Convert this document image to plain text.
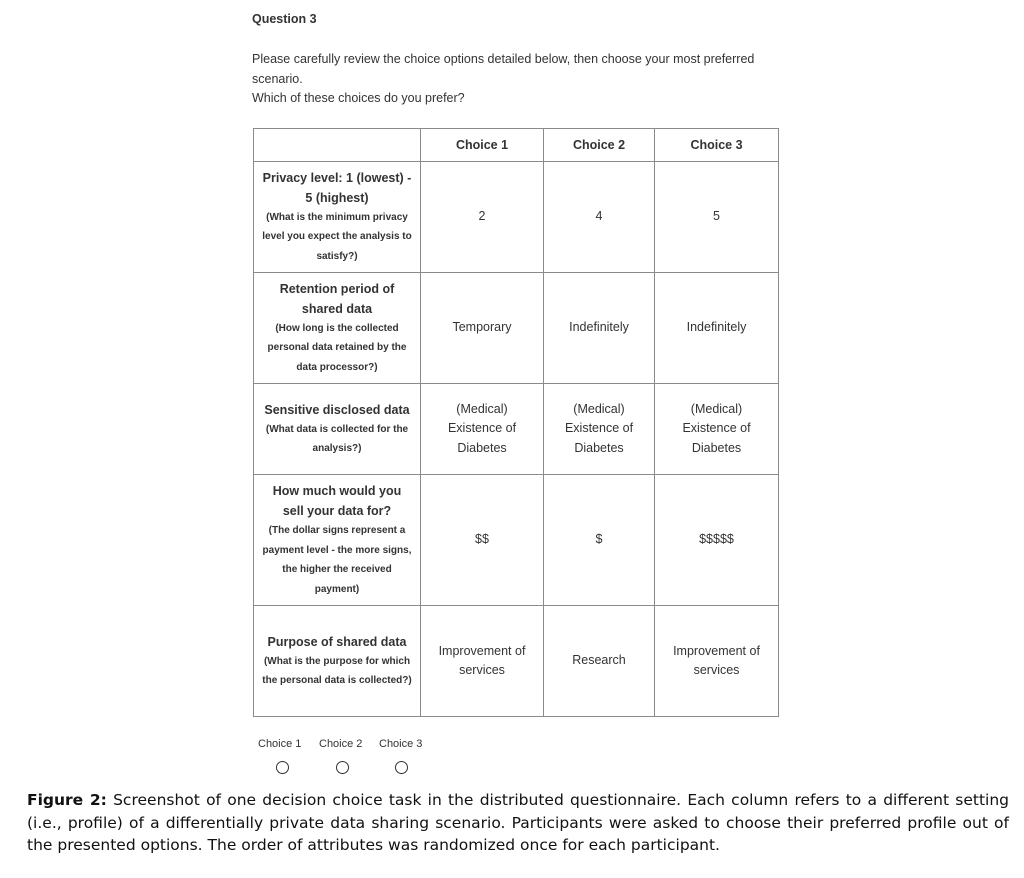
Question 3
Please carefully review the choice options detailed below, then choose your most preferred
scenario.
Which of these choices do you prefer?
	Choice 1	Choice 2	Choice 3

Privacy level: 1 (lowest) - 5 (highest)
(What is the minimum privacy level you expect the analysis to satisfy?)	2	4	5

Retention period of shared data
(How long is the collected personal data retained by the data processor?)	Temporary	Indefinitely	Indefinitely

Sensitive disclosed data
(What data is collected for the analysis?)	(Medical) Existence of Diabetes	(Medical) Existence of Diabetes	(Medical) Existence of Diabetes

How much would you sell your data for?
(The dollar signs represent a payment level - the more signs, the higher the received payment)	$$	$	$$$$$

Purpose of shared data
(What is the purpose for which the personal data is collected?)	Improvement of services	Research	Improvement of services
Choice 1 Choice 2 Choice 3
Figure 2: Screenshot of one decision choice task in the distributed questionnaire. Each column refers to a different setting (i.e., profile) of a differentially private data sharing scenario. Participants were asked to choose their preferred profile out of the presented options. The order of attributes was randomized once for each participant.
